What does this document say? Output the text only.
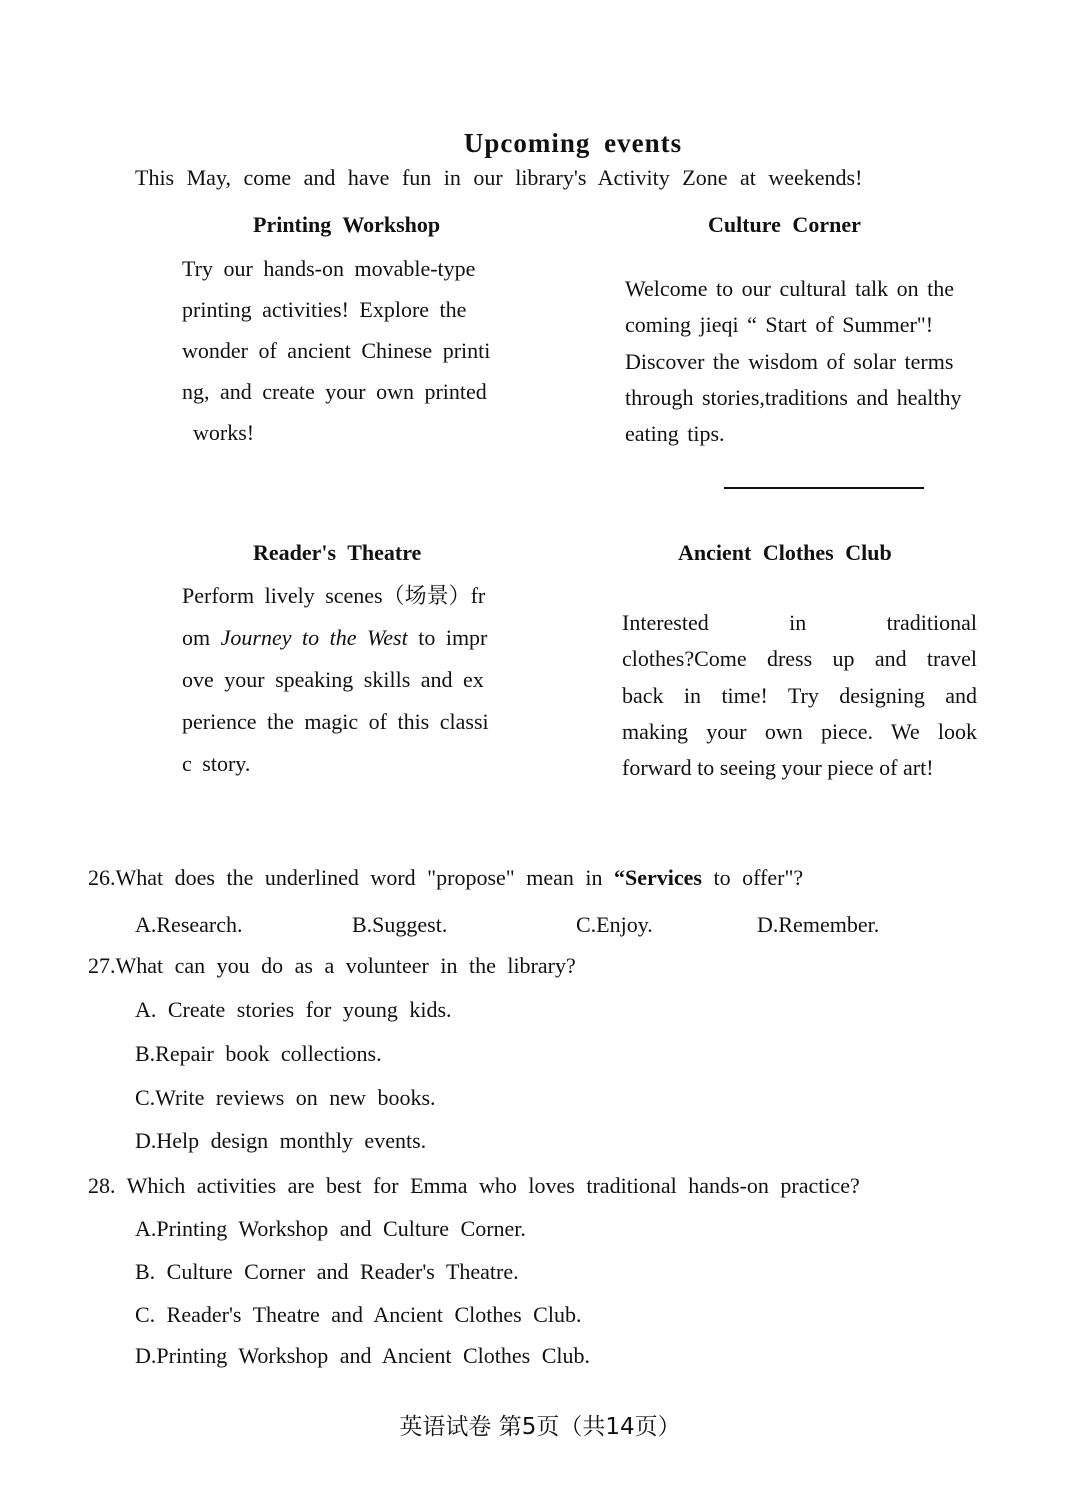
Upcoming events
This May, come and have fun in our library's Activity Zone at weekends!
Printing Workshop
Try our hands-on movable-type
printing activities! Explore the
wonder of ancient Chinese printi
ng, and create your own printed
works!
Culture Corner
Welcome to our cultural talk on the
coming jieqi “ Start of Summer"!
Discover the wisdom of solar terms
through stories,traditions and healthy
eating tips.
Reader's Theatre
Perform lively scenes（场景）fr
om Journey to the West to impr
ove your speaking skills and ex
perience the magic of this classi
c story.
Ancient Clothes Club
Interested	in	traditional
clothes?Come dress up and travel
back in time! Try designing and
making your own piece. We look
forward to seeing your piece of art!
26.What does the underlined word "propose" mean in “Services to offer"?
A.Research.	B.Suggest.	C.Enjoy.	D.Remember.
27.What can you do as a volunteer in the library?
A. Create stories for young kids.
B.Repair book collections.
C.Write reviews on new books.
D.Help design monthly events.
28. Which activities are best for Emma who loves traditional hands-on practice?
A.Printing Workshop and Culture Corner.
B. Culture Corner and Reader's Theatre.
C. Reader's Theatre and Ancient Clothes Club.
D.Printing Workshop and Ancient Clothes Club.
英语试卷 第5页（共14页）
